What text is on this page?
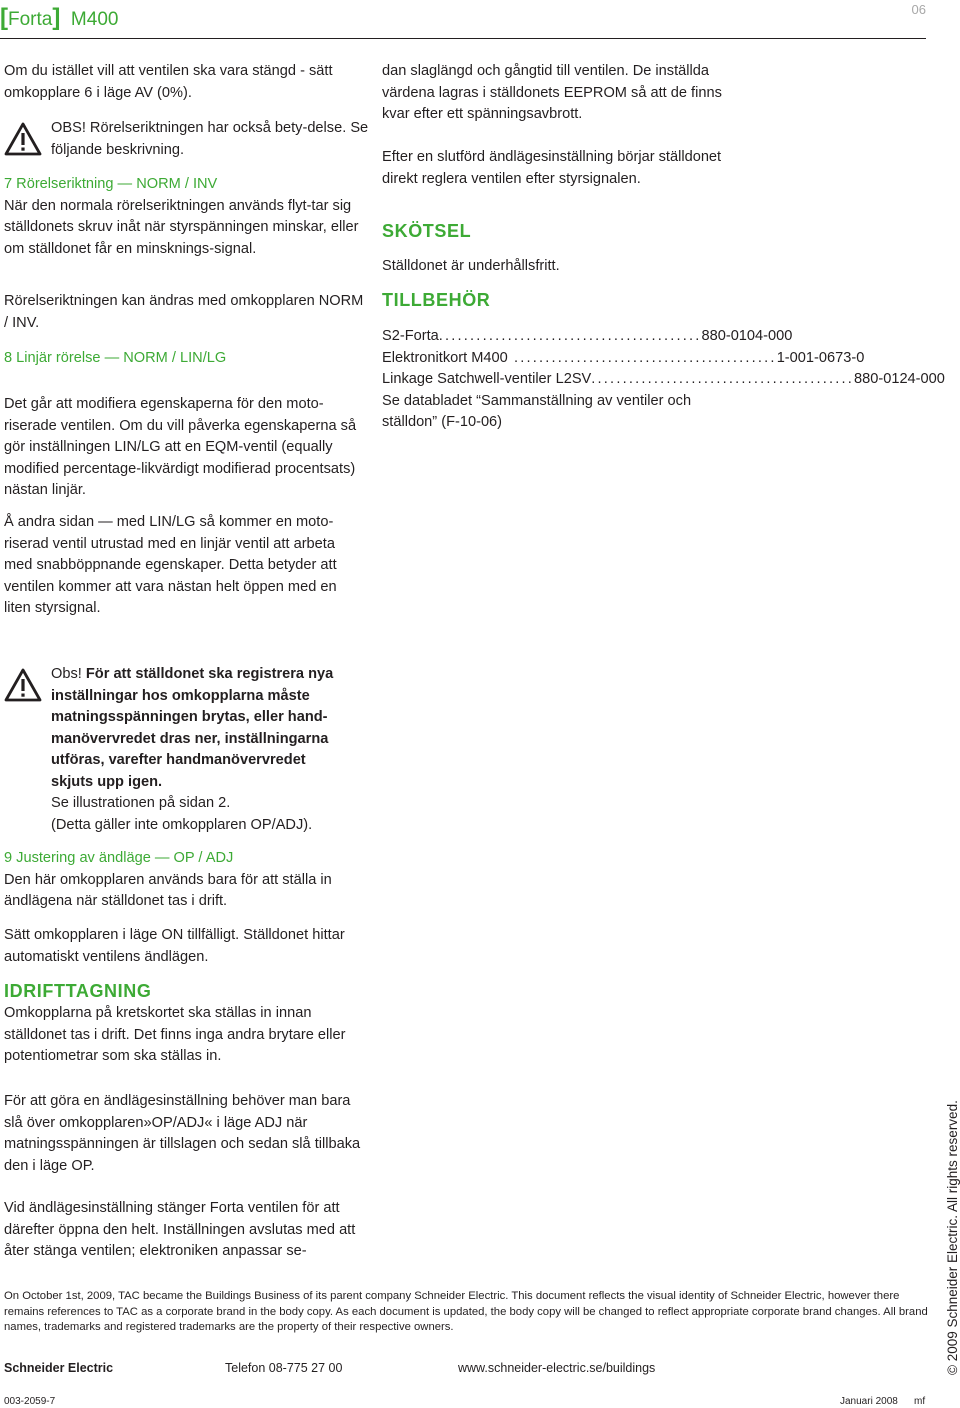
[Forta] M400	06
Om du istället vill att ventilen ska vara stängd - sätt omkopplare 6 i läge AV (0%).
OBS! Rörelseriktningen har också bety-delse. Se följande beskrivning.

7 Rörelseriktning — NORM / INV

När den normala rörelseriktningen används flyt-tar sig ställdonets skruv inåt när styrspänningen minskar, eller om ställdonet får en minsknings-signal.

Rörelseriktningen kan ändras med omkopplaren NORM / INV.
8 Linjär rörelse — NORM / LIN/LG
Det går att modifiera egenskaperna för den moto-riserade ventilen. Om du vill påverka egenskaperna så gör inställningen LIN/LG att en EQM-ventil (equally modified percentage-likvärdigt modifierad procentsats) nästan linjär.
Å andra sidan — med LIN/LG så kommer en moto-riserad ventil utrustad med en linjär ventil att arbeta med snabböppnande egenskaper. Detta betyder att ventilen kommer att vara nästan helt öppen med en liten styrsignal.

Obs! För att ställdonet ska registrera nya inställningar hos omkopplarna måste matningsspänningen brytas, eller hand-manövervredet dras ner, inställningarna utföras, varefter handmanövervredet skjuts upp igen.

Se illustrationen på sidan 2.

(Detta gäller inte omkopplaren OP/ADJ).

9 Justering av ändläge — OP / ADJ

Den här omkopplaren används bara för att ställa in ändlägena när ställdonet tas i drift.

Sätt omkopplaren i läge ON tillfälligt. Ställdonet hittar automatiskt ventilens ändlägen.
IDRIFTTAGNING
Omkopplarna på kretskortet ska ställas in innan ställdonet tas i drift. Det finns inga andra brytare eller potentiometrar som ska ställas in.
För att göra en ändlägesinställning behöver man bara slå över omkopplaren»OP/ADJ« i läge ADJ när matningsspänningen är tillslagen och sedan slå tillbaka den i läge OP.
Vid ändlägesinställning stänger Forta ventilen för att därefter öppna den helt. Inställningen avslutas med att åter stänga ventilen; elektroniken anpassar se-
dan slaglängd och gångtid till ventilen. De inställda värdena lagras i ställdonets EEPROM så att de finns kvar efter ett spänningsavbrott.
Efter en slutförd ändlägesinställning börjar ställdonet direkt reglera ventilen efter styrsignalen.
SKÖTSEL
Ställdonet är underhållsfritt.
TILLBEHÖR
S2-Forta .......................................... 880-0104-000
Elektronitkort M400 .......................................... 1-001-0673-0
Linkage Satchwell-ventiler L2SV .......................................... 880-0124-000
Se databladet “Sammanställning av ventiler och ställdon” (F-10-06)
On October 1st, 2009, TAC became the Buildings Business of its parent company Schneider Electric. This document reflects the visual identity of Schneider Electric, however there remains references to TAC as a corporate brand in the body copy. As each document is updated, the body copy will be changed to reflect appropriate corporate brand changes. All brand names, trademarks and registered trademarks are the property of their respective owners.
Schneider Electric	Telefon 08-775 27 00	www.schneider-electric.se/buildings
003-2059-7	Januari 2008 mf
© 2009 Schneider Electric. All rights reserved.
